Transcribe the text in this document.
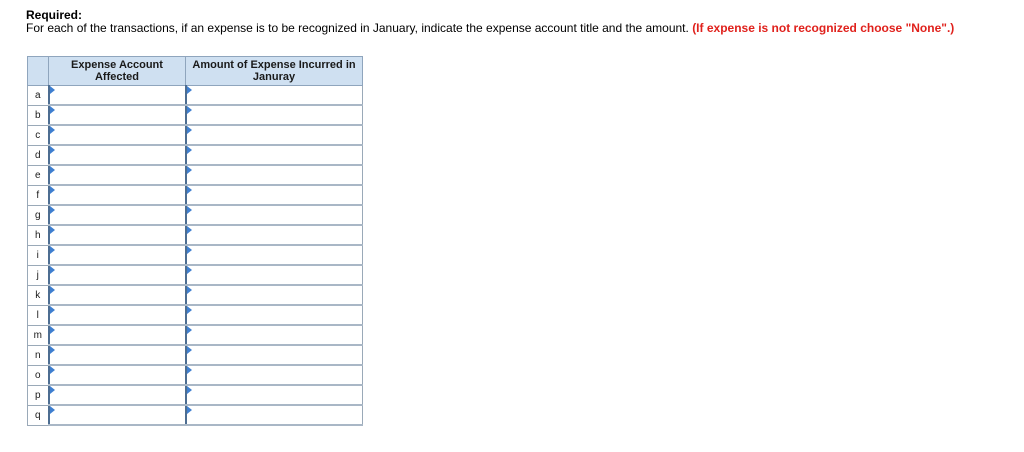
Required:
For each of the transactions, if an expense is to be recognized in January, indicate the expense account title and the amount. (If expense is not recognized choose "None".)
	Expense Account Affected	Amount of Expense Incurred in Januray
a	

b	

c	

d	

e	

f	

g	

h	

i	

j	

k	

l	

m	

n	

o	

p	

q	
